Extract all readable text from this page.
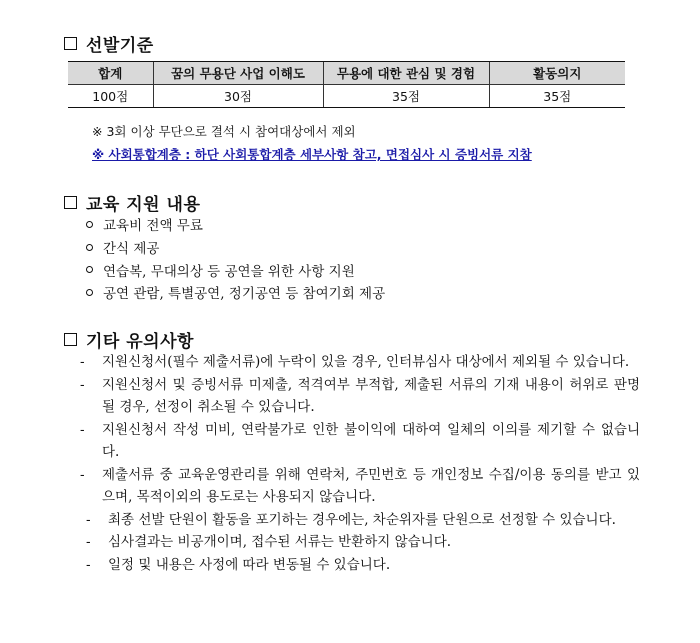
선발기준
합계	꿈의 무용단 사업 이해도	무용에 대한 관심 및 경험	활동의지
100점	30점	35점	35점
※ 3회 이상 무단으로 결석 시 참여대상에서 제외
※ 사회통합계층 : 하단 사회통합계층 세부사항 참고, 면접심사 시 증빙서류 지참
교육 지원 내용
교육비 전액 무료
간식 제공
연습복, 무대의상 등 공연을 위한 사항 지원
공연 관람, 특별공연, 정기공연 등 참여기회 제공
기타 유의사항
- 지원신청서(필수 제출서류)에 누락이 있을 경우, 인터뷰심사 대상에서 제외될 수 있습니다.
- 지원신청서 및 증빙서류 미제출, 적격여부 부적합, 제출된 서류의 기재 내용이 허위로 판명될 경우, 선정이 취소될 수 있습니다.
- 지원신청서 작성 미비, 연락불가로 인한 불이익에 대하여 일체의 이의를 제기할 수 없습니다.
- 제출서류 중 교육운영관리를 위해 연락처, 주민번호 등 개인정보 수집/이용 동의를 받고 있으며, 목적이외의 용도로는 사용되지 않습니다.
- 최종 선발 단원이 활동을 포기하는 경우에는, 차순위자를 단원으로 선정할 수 있습니다.
- 심사결과는 비공개이며, 접수된 서류는 반환하지 않습니다.
- 일정 및 내용은 사정에 따라 변동될 수 있습니다.
